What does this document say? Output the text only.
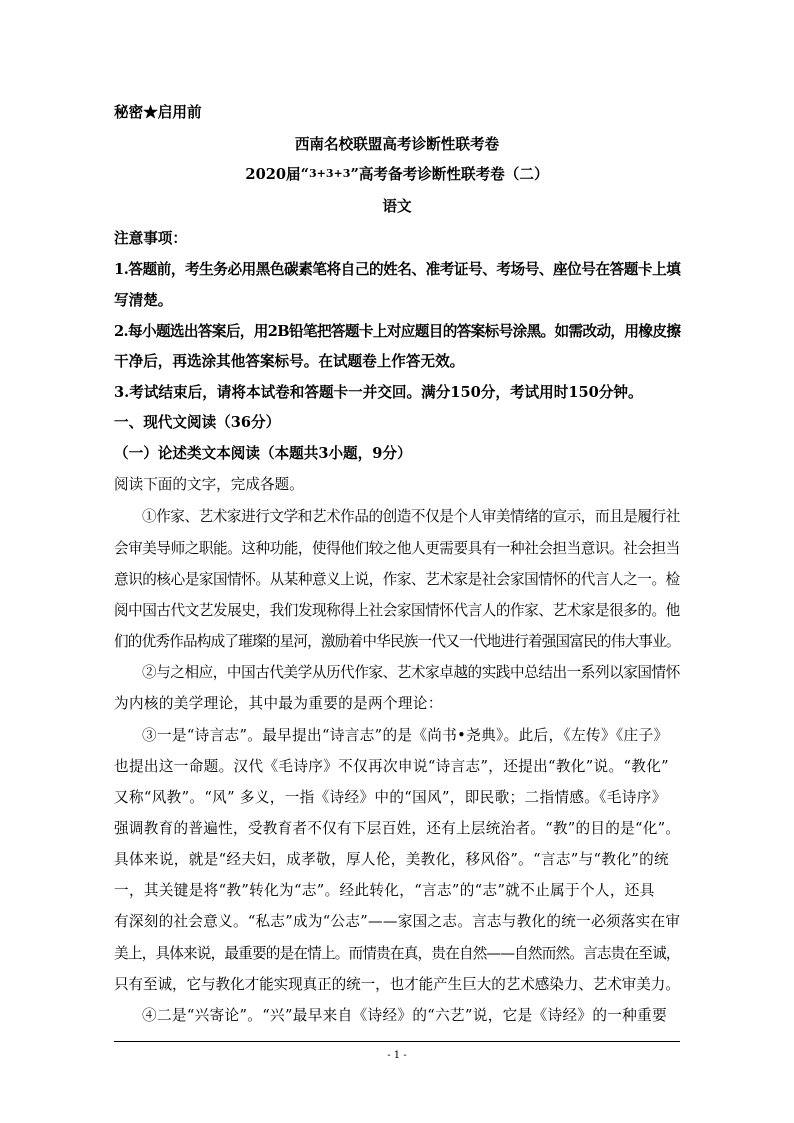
秘密★启用前
西南名校联盟高考诊断性联考卷
2020届“3+3+3”高考备考诊断性联考卷（二）
语文
注意事项：
1.答题前，考生务必用黑色碳素笔将自己的姓名、准考证号、考场号、座位号在答题卡上填
写清楚。
2.每小题选出答案后，用2B铅笔把答题卡上对应题目的答案标号涂黑。如需改动，用橡皮擦
干净后，再选涂其他答案标号。在试题卷上作答无效。
3.考试结束后，请将本试卷和答题卡一并交回。满分150分，考试用时150分钟。
一、现代文阅读（36分）
（一）论述类文本阅读（本题共3小题，9分）
阅读下面的文字，完成各题。
①作家、艺术家进行文学和艺术作品的创造不仅是个人审美情绪的宣示，而且是履行社
会审美导师之职能。这种功能，使得他们较之他人更需要具有一种社会担当意识。社会担当
意识的核心是家国情怀。从某种意义上说，作家、艺术家是社会家国情怀的代言人之一。检
阅中国古代文艺发展史，我们发现称得上社会家国情怀代言人的作家、艺术家是很多的。他
们的优秀作品构成了璀璨的星河，激励着中华民族一代又一代地进行着强国富民的伟大事业。
②与之相应，中国古代美学从历代作家、艺术家卓越的实践中总结出一系列以家国情怀
为内核的美学理论，其中最为重要的是两个理论：
③一是“诗言志”。最早提出“诗言志”的是《尚书•尧典》。此后，《左传》《庄子》
也提出这一命题。汉代《毛诗序》不仅再次申说“诗言志”，还提出“教化”说。“教化”
又称“风教”。“风” 多义，一指《诗经》中的“国风”，即民歌；二指情感。《毛诗序》
强调教育的普遍性，受教育者不仅有下层百姓，还有上层统治者。“教”的目的是“化”。
具体来说，就是“经夫妇，成孝敬，厚人伦，美教化，移风俗”。“言志”与“教化”的统
一，其关键是将“教”转化为“志”。经此转化，“言志”的“志”就不止属于个人，还具
有深刻的社会意义。“私志”成为“公志”——家国之志。言志与教化的统一必须落实在审
美上，具体来说，最重要的是在情上。而情贵在真，贵在自然——自然而然。言志贵在至诚，
只有至诚，它与教化才能实现真正的统一，也才能产生巨大的艺术感染力、艺术审美力。
④二是“兴寄论”。“兴”最早来自《诗经》的“六艺”说，它是《诗经》的一种重要
- 1 -
